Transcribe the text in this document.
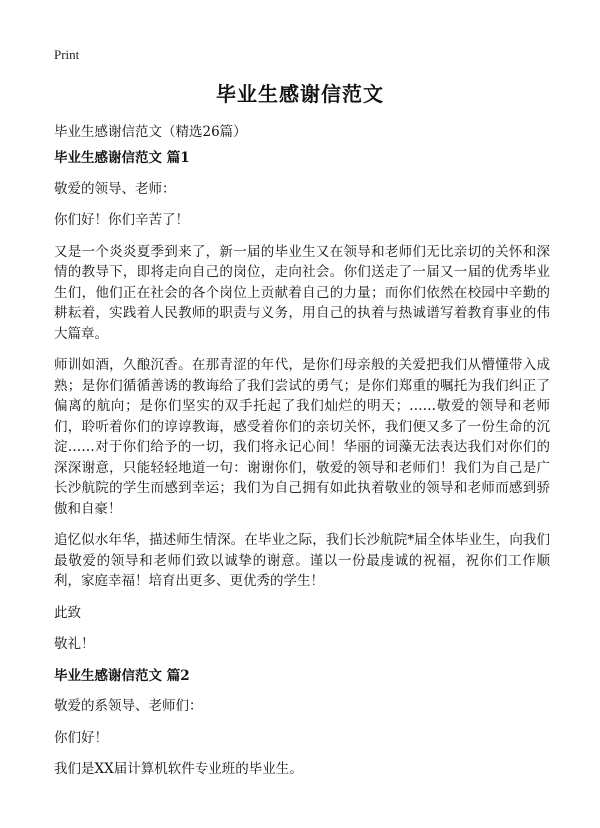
Print
毕业生感谢信范文

毕业生感谢信范文（精选26篇）

毕业生感谢信范文 篇1

敬爱的领导、老师：

你们好！你们辛苦了！

又是一个炎炎夏季到来了，新一届的毕业生又在领导和老师们无比亲切的关怀和深情的教导下，即将走向自己的岗位，走向社会。你们送走了一届又一届的优秀毕业生们，他们正在社会的各个岗位上贡献着自己的力量；而你们依然在校园中辛勤的耕耘着，实践着人民教师的职责与义务，用自己的执着与热诚谱写着教育事业的伟大篇章。

师训如酒，久酿沉香。在那青涩的年代，是你们母亲般的关爱把我们从懵懂带入成熟；是你们循循善诱的教诲给了我们尝试的勇气；是你们郑重的嘱托为我们纠正了偏离的航向；是你们坚实的双手托起了我们灿烂的明天；……敬爱的领导和老师们，聆听着你们的谆谆教诲，感受着你们的亲切关怀，我们便又多了一份生命的沉淀……对于你们给予的一切，我们将永记心间！华丽的词藻无法表达我们对你们的深深谢意，只能轻轻地道一句：谢谢你们，敬爱的领导和老师们！我们为自己是广长沙航院的学生而感到幸运；我们为自己拥有如此执着敬业的领导和老师而感到骄傲和自豪！

追忆似水年华，描述师生情深。在毕业之际，我们长沙航院*届全体毕业生，向我们最敬爱的领导和老师们致以诚挚的谢意。谨以一份最虔诚的祝福，祝你们工作顺利，家庭幸福！培育出更多、更优秀的学生！

此致

敬礼！

毕业生感谢信范文 篇2

敬爱的系领导、老师们：

你们好！

我们是XX届计算机软件专业班的毕业生。
